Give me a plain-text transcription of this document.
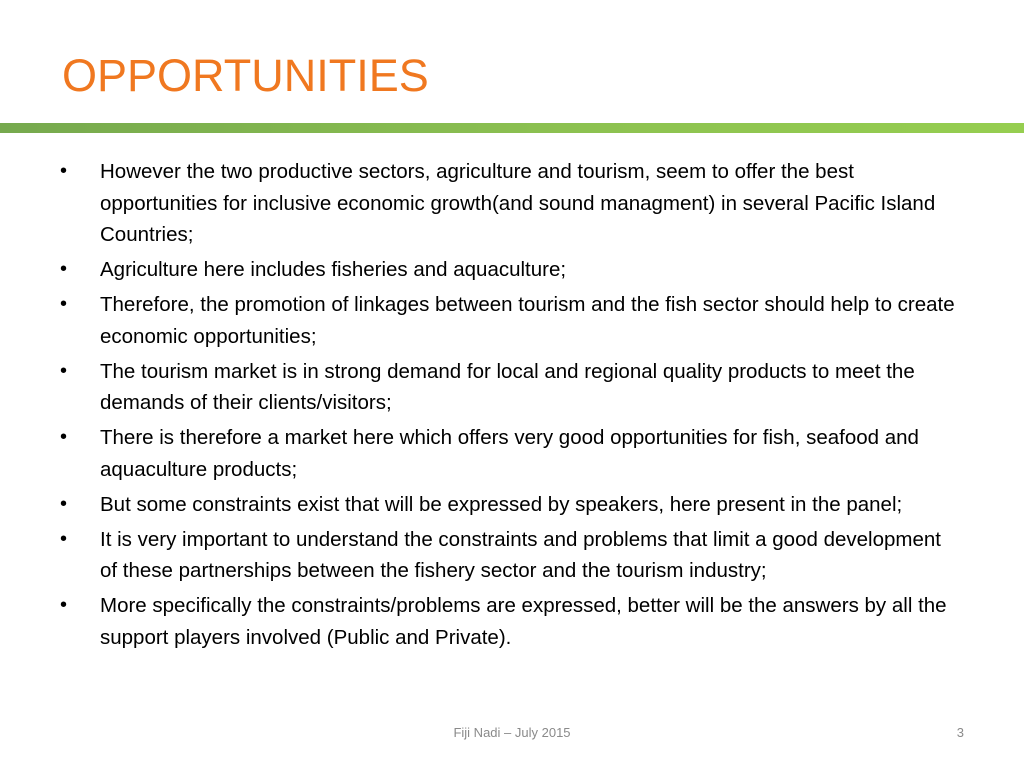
OPPORTUNITIES
• However the two productive sectors, agriculture and tourism, seem to offer the best opportunities for inclusive economic growth(and sound managment) in several Pacific Island Countries;
• Agriculture here includes fisheries and aquaculture;
• Therefore, the promotion of linkages between tourism and the fish sector should help to create economic opportunities;
• The tourism market is in strong demand for local and regional quality products to meet the demands of their clients/visitors;
• There is therefore a market here which offers very good opportunities for fish, seafood and aquaculture products;
• But some constraints exist that will be expressed by speakers, here present in the panel;
• It is very important to understand the constraints and problems that limit a good development of these partnerships between the fishery sector and the tourism industry;
• More specifically the constraints/problems are expressed, better will be the answers by all the support players involved (Public and Private).
Fiji Nadi – July 2015	3
